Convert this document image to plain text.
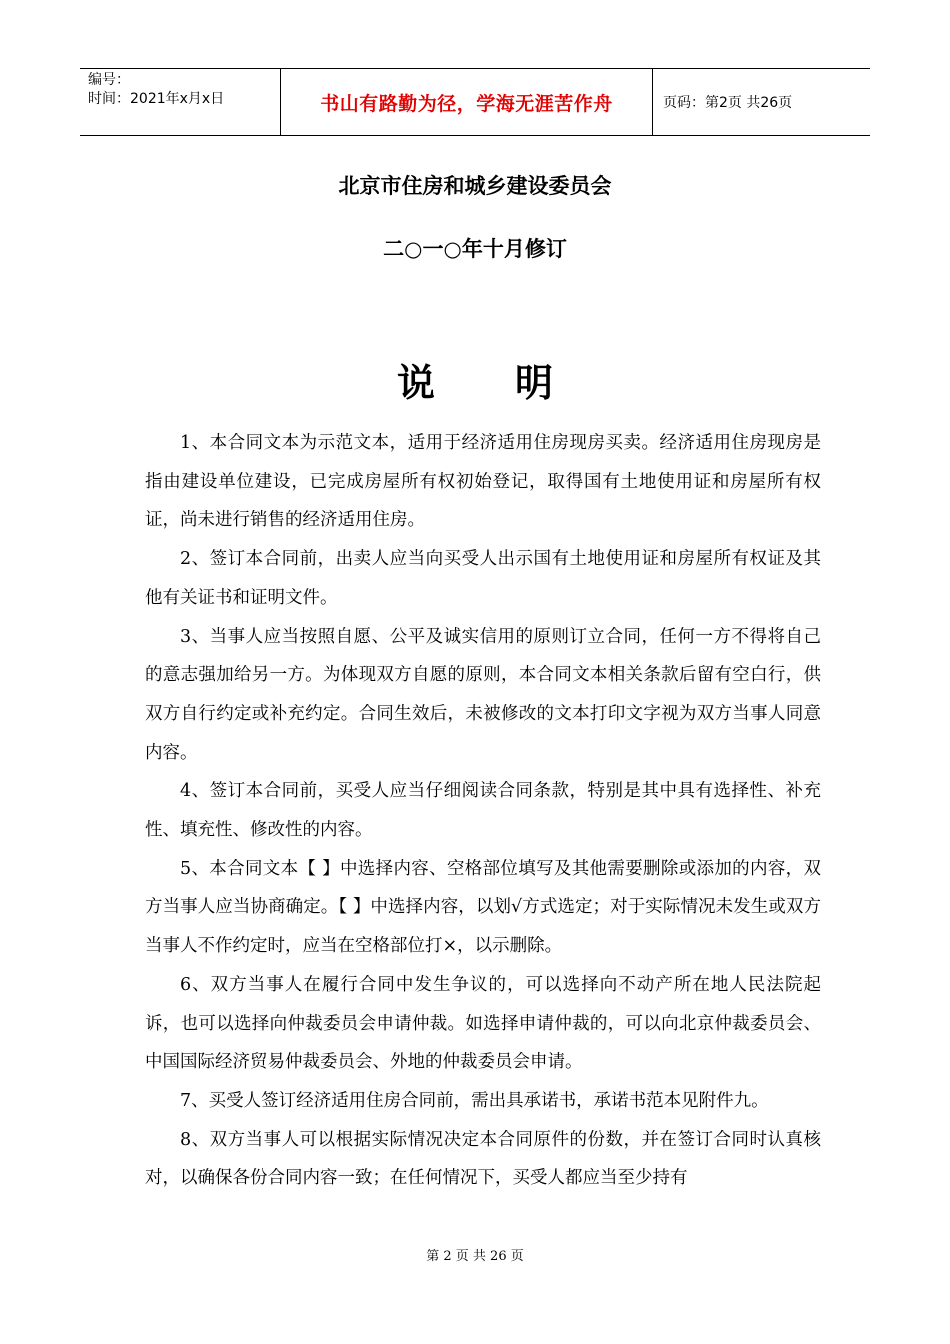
编号：
时间：2021年x月x日	书山有路勤为径，学海无涯苦作舟	页码：第2页 共26页
北京市住房和城乡建设委员会
二○一○年十月修订
说明

1、本合同文本为示范文本，适用于经济适用住房现房买卖。经济适用住房现房是指由建设单位建设，已完成房屋所有权初始登记，取得国有土地使用证和房屋所有权证，尚未进行销售的经济适用住房。

2、签订本合同前，出卖人应当向买受人出示国有土地使用证和房屋所有权证及其他有关证书和证明文件。

3、当事人应当按照自愿、公平及诚实信用的原则订立合同，任何一方不得将自己的意志强加给另一方。为体现双方自愿的原则，本合同文本相关条款后留有空白行，供双方自行约定或补充约定。合同生效后，未被修改的文本打印文字视为双方当事人同意内容。

4、签订本合同前，买受人应当仔细阅读合同条款，特别是其中具有选择性、补充性、填充性、修改性的内容。

5、本合同文本【 】中选择内容、空格部位填写及其他需要删除或添加的内容，双方当事人应当协商确定。【 】中选择内容，以划√方式选定；对于实际情况未发生或双方当事人不作约定时，应当在空格部位打×，以示删除。

6、双方当事人在履行合同中发生争议的，可以选择向不动产所在地人民法院起诉，也可以选择向仲裁委员会申请仲裁。如选择申请仲裁的，可以向北京仲裁委员会、中国国际经济贸易仲裁委员会、外地的仲裁委员会申请。

7、买受人签订经济适用住房合同前，需出具承诺书，承诺书范本见附件九。

8、双方当事人可以根据实际情况决定本合同原件的份数，并在签订合同时认真核对，以确保各份合同内容一致；在任何情况下，买受人都应当至少持有

第 2 页 共 26 页
